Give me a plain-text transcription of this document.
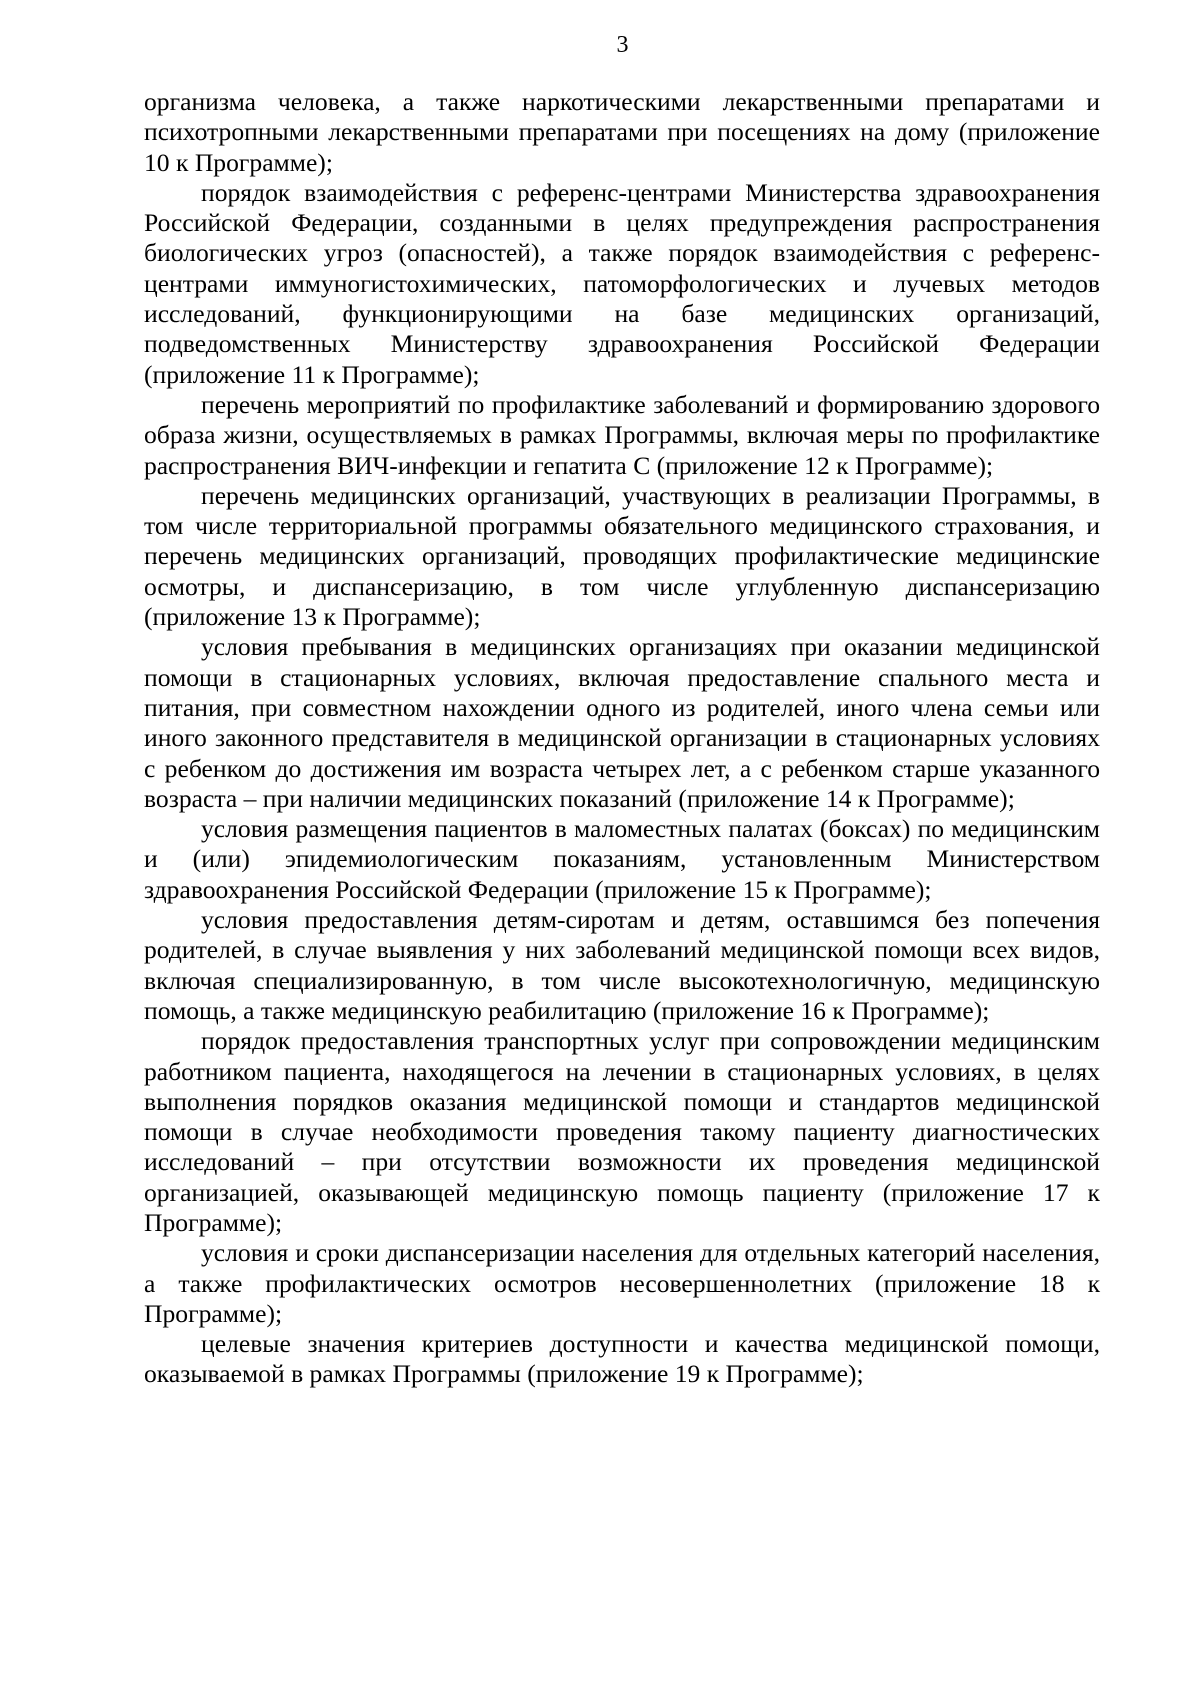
3

организма человека, а также наркотическими лекарственными препаратами и психотропными лекарственными препаратами при посещениях на дому (приложение 10 к Программе);

порядок взаимодействия с референс-центрами Министерства здравоохранения Российской Федерации, созданными в целях предупреждения распространения биологических угроз (опасностей), а также порядок взаимодействия с референс-центрами иммуногистохимических, патоморфологических и лучевых методов исследований, функционирующими на базе медицинских организаций, подведомственных Министерству здравоохранения Российской Федерации (приложение 11 к Программе);

перечень мероприятий по профилактике заболеваний и формированию здорового образа жизни, осуществляемых в рамках Программы, включая меры по профилактике распространения ВИЧ-инфекции и гепатита С (приложение 12 к Программе);

перечень медицинских организаций, участвующих в реализации Программы, в том числе территориальной программы обязательного медицинского страхования, и перечень медицинских организаций, проводящих профилактические медицинские осмотры, и диспансеризацию, в том числе углубленную диспансеризацию (приложение 13 к Программе);

условия пребывания в медицинских организациях при оказании медицинской помощи в стационарных условиях, включая предоставление спального места и питания, при совместном нахождении одного из родителей, иного члена семьи или иного законного представителя в медицинской организации в стационарных условиях с ребенком до достижения им возраста четырех лет, а с ребенком старше указанного возраста – при наличии медицинских показаний (приложение 14 к Программе);

условия размещения пациентов в маломестных палатах (боксах) по медицинским и (или) эпидемиологическим показаниям, установленным Министерством здравоохранения Российской Федерации (приложение 15 к Программе);

условия предоставления детям-сиротам и детям, оставшимся без попечения родителей, в случае выявления у них заболеваний медицинской помощи всех видов, включая специализированную, в том числе высокотехнологичную, медицинскую помощь, а также медицинскую реабилитацию (приложение 16 к Программе);

порядок предоставления транспортных услуг при сопровождении медицинским работником пациента, находящегося на лечении в стационарных условиях, в целях выполнения порядков оказания медицинской помощи и стандартов медицинской помощи в случае необходимости проведения такому пациенту диагностических исследований – при отсутствии возможности их проведения медицинской организацией, оказывающей медицинскую помощь пациенту (приложение 17 к Программе);

условия и сроки диспансеризации населения для отдельных категорий населения, а также профилактических осмотров несовершеннолетних (приложение 18 к Программе);

целевые значения критериев доступности и качества медицинской помощи, оказываемой в рамках Программы (приложение 19 к Программе);
